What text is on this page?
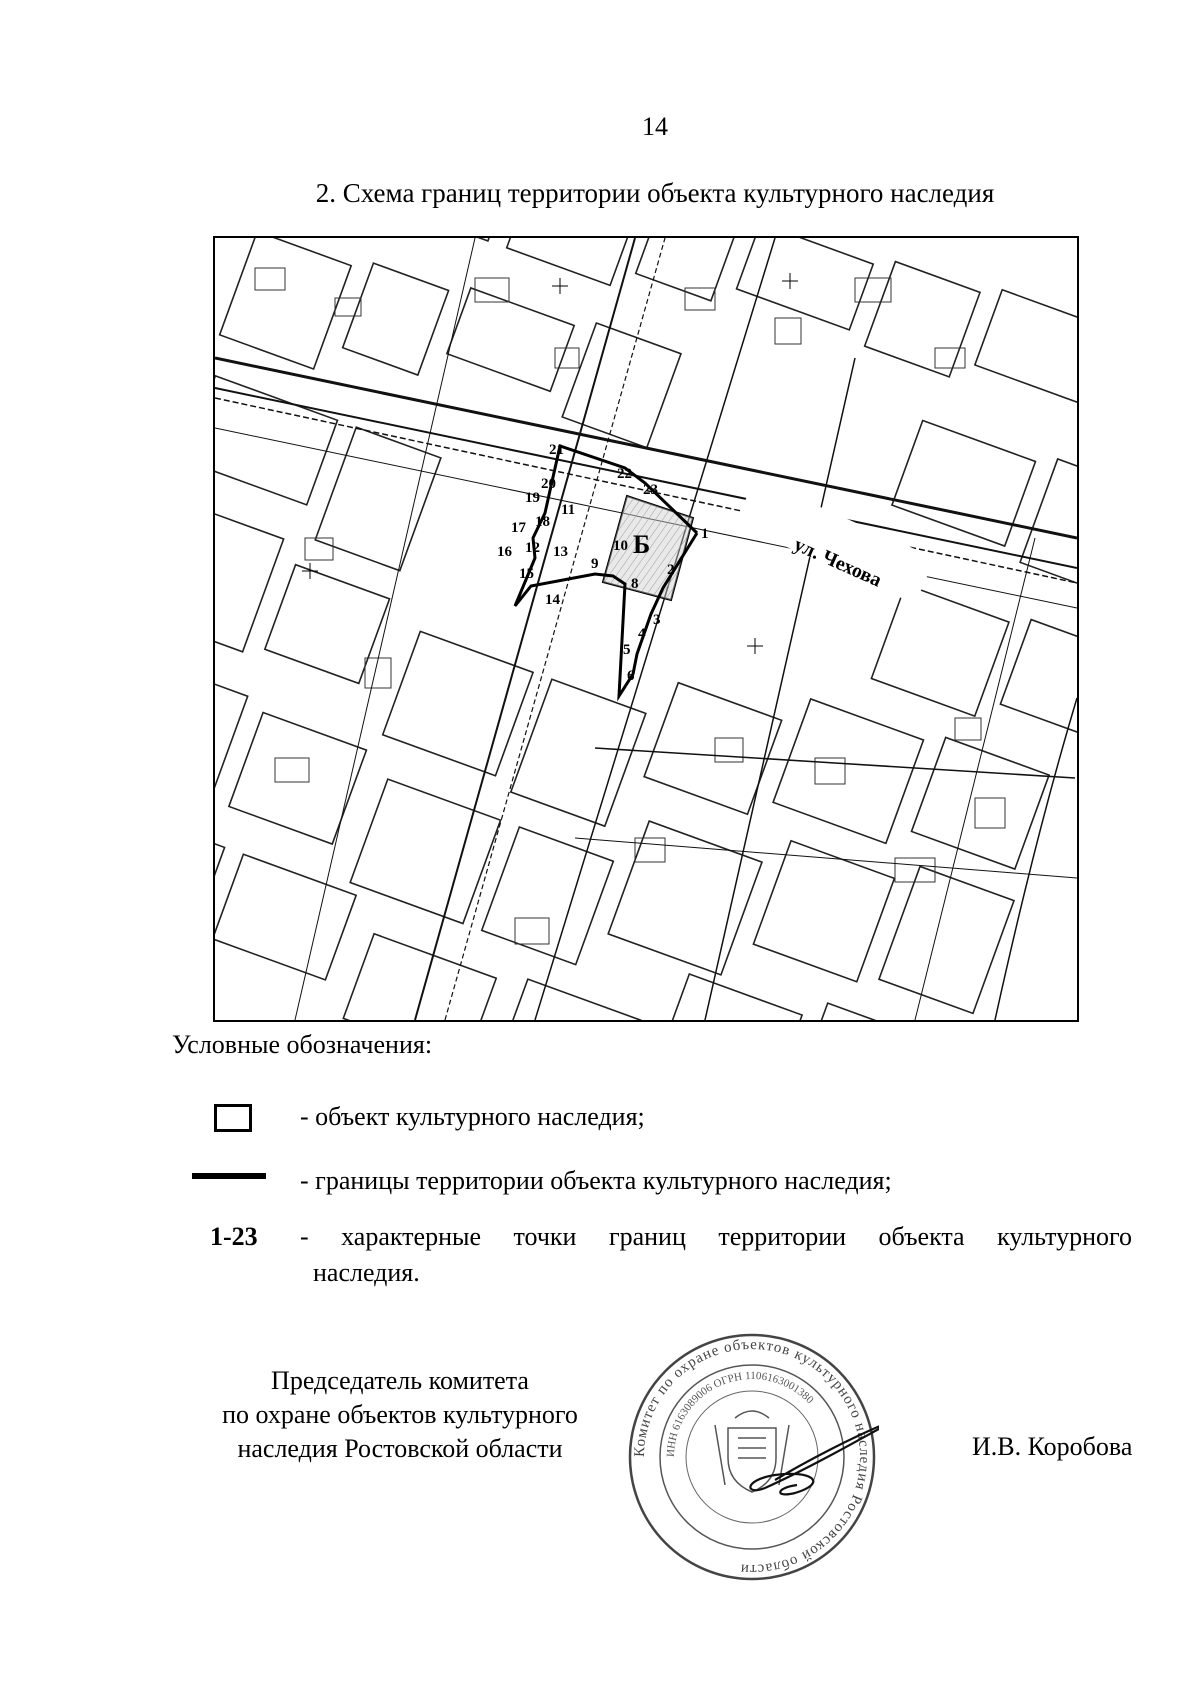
14
2. Схема границ территории объекта культурного наследия
ул. Чехова
Б	1
2
3
4
5
6
8
9
10
11
12 13
14
15
16
17 18
19
20
21
22
23
Условные обозначения:
- объект культурного наследия;
- границы территории объекта культурного наследия;
1-23 - характерные точки границ территории объекта культурного
наследия.
Председатель комитета
по охране объектов культурного
наследия Ростовской области	Комитет по охране объектов культурного наследия Ростовской области
ИНН 6163089006 ОГРН 1106163001380
И.В. Коробова
